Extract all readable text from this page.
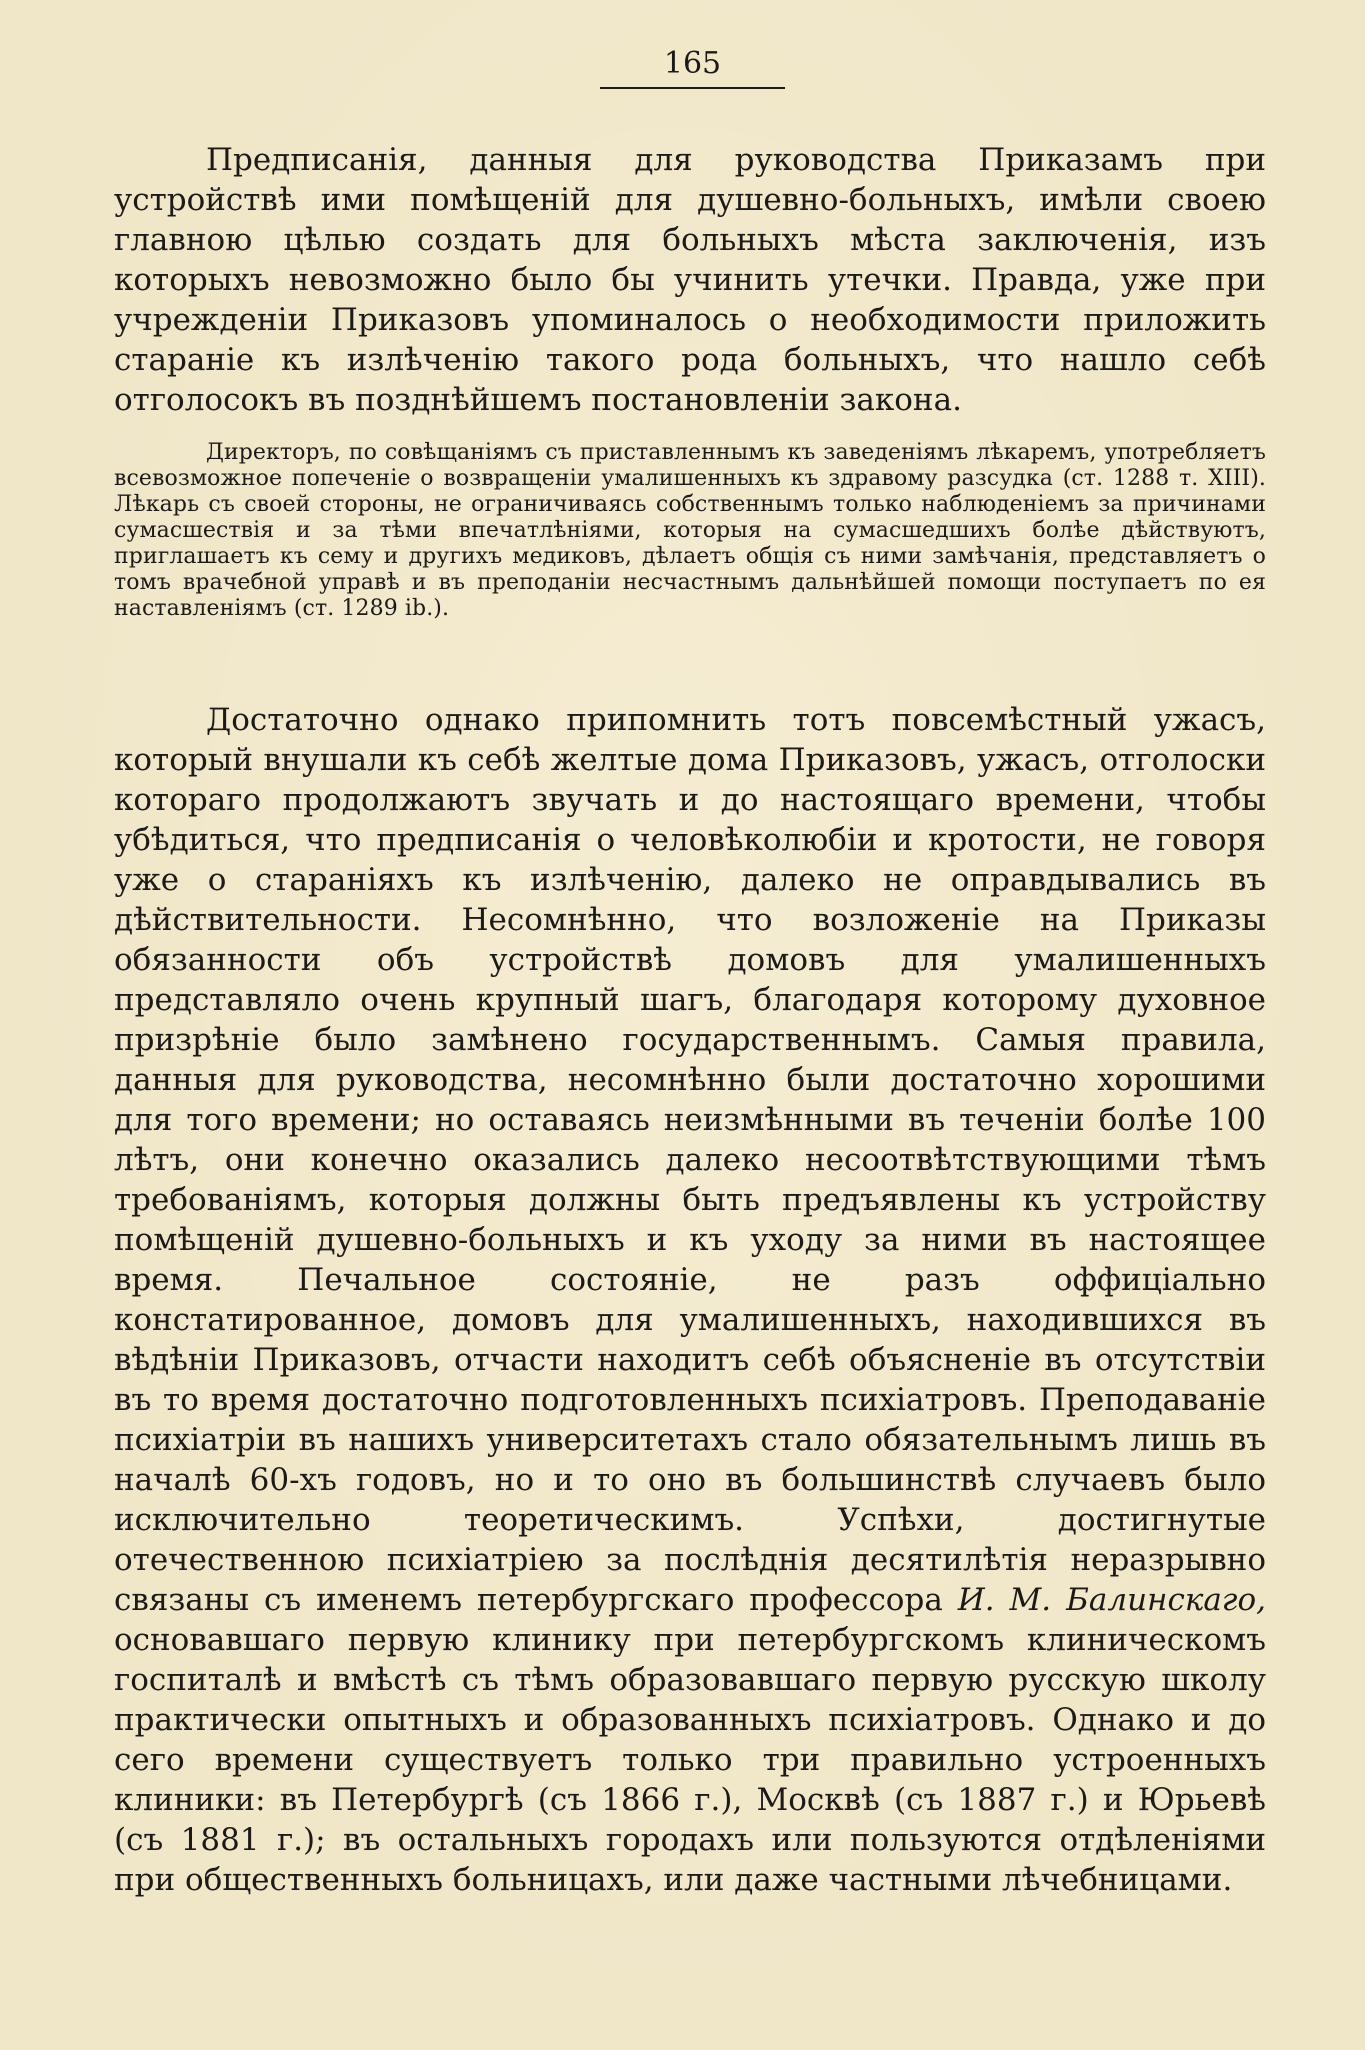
165

Предписанія, данныя для руководства Приказамъ при устройствѣ ими помѣщеній для душевно-больныхъ, имѣли своею главною цѣлью создать для больныхъ мѣста заключенія, изъ которыхъ невозможно было бы учинить утечки. Правда, уже при учрежденіи Приказовъ упоминалось о необходимости приложить стараніе къ излѣченію такого рода больныхъ, что нашло себѣ отголосокъ въ позднѣйшемъ постановленіи закона.

Директоръ, по совѣщаніямъ съ приставленнымъ къ заведеніямъ лѣкаремъ, употребляетъ всевозможное попеченіе о возвращеніи умалишенныхъ къ здравому разсудка (ст. 1288 т. XIII). Лѣкарь съ своей стороны, не ограничиваясь собственнымъ только наблюденіемъ за причинами сумасшествія и за тѣми впечатлѣніями, которыя на сумасшедшихъ болѣе дѣйствуютъ, приглашаетъ къ сему и другихъ медиковъ, дѣлаетъ общія съ ними замѣчанія, представляетъ о томъ врачебной управѣ и въ преподаніи несчастнымъ дальнѣйшей помощи поступаетъ по ея наставленіямъ (ст. 1289 ib.).

Достаточно однако припомнить тотъ повсемѣстный ужасъ, который внушали къ себѣ желтые дома Приказовъ, ужасъ, отголоски котораго продолжаютъ звучать и до настоящаго времени, чтобы убѣдиться, что предписанія о человѣколюбіи и кротости, не говоря уже о стараніяхъ къ излѣченію, далеко не оправдывались въ дѣйствительности. Несомнѣнно, что возложеніе на Приказы обязанности объ устройствѣ домовъ для умалишенныхъ представляло очень крупный шагъ, благодаря которому духовное призрѣніе было замѣнено государственнымъ. Самыя правила, данныя для руководства, несомнѣнно были достаточно хорошими для того времени; но оставаясь неизмѣнными въ теченіи болѣе 100 лѣтъ, они конечно оказались далеко несоотвѣтствующими тѣмъ требованіямъ, которыя должны быть предъявлены къ устройству помѣщеній душевно-больныхъ и къ уходу за ними въ настоящее время. Печальное состояніе, не разъ оффиціально констатированное, домовъ для умалишенныхъ, находившихся въ вѣдѣніи Приказовъ, отчасти находитъ себѣ объясненіе въ отсутствіи въ то время достаточно подготовленныхъ психіатровъ. Преподаваніе психіатріи въ нашихъ университетахъ стало обязательнымъ лишь въ началѣ 60-хъ годовъ, но и то оно въ большинствѣ случаевъ было исключительно теоретическимъ. Успѣхи, достигнутые отечественною психіатріею за послѣднія десятилѣтія неразрывно связаны съ именемъ петербургскаго профессора И. М. Балинскаго, основавшаго первую клинику при петербургскомъ клиническомъ госпиталѣ и вмѣстѣ съ тѣмъ образовавшаго первую русскую школу практически опытныхъ и образованныхъ психіатровъ. Однако и до сего времени существуетъ только три правильно устроенныхъ клиники: въ Петербургѣ (съ 1866 г.), Москвѣ (съ 1887 г.) и Юрьевѣ (съ 1881 г.); въ остальныхъ городахъ или пользуются отдѣленіями при общественныхъ больницахъ, или даже частными лѣчебницами.
